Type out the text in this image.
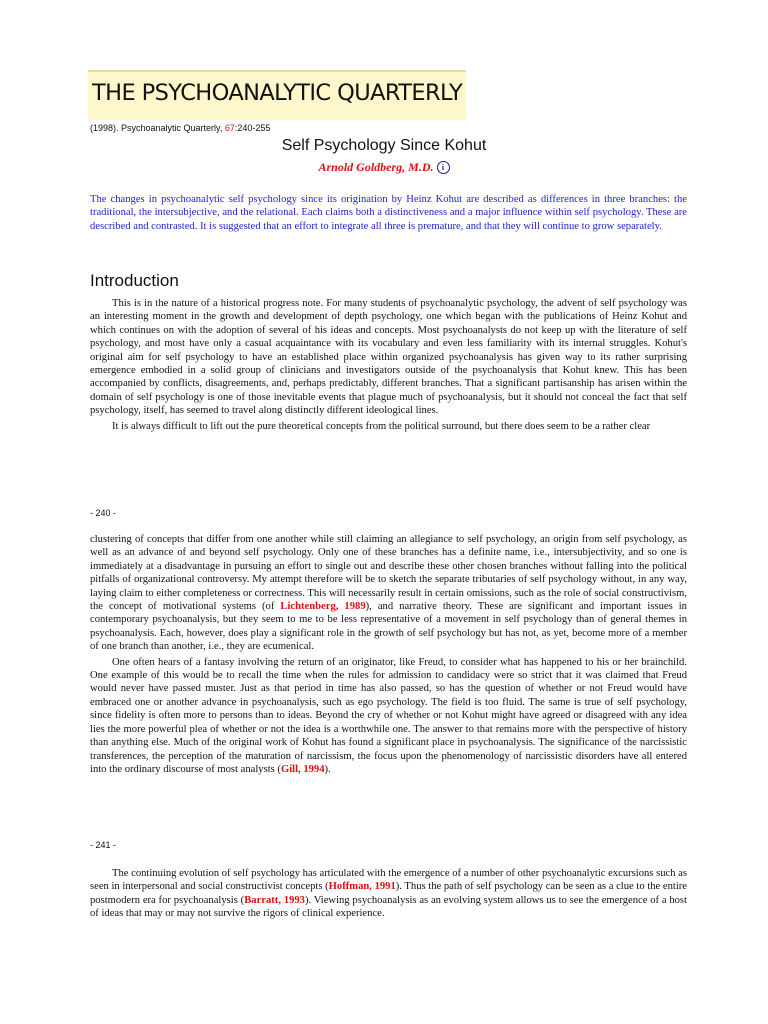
THE PSYCHOANALYTIC QUARTERLY
(1998). Psychoanalytic Quarterly, 67:240-255
Self Psychology Since Kohut
Arnold Goldberg, M.D. i
The changes in psychoanalytic self psychology since its origination by Heinz Kohut are described as differences in three branches: the traditional, the intersubjective, and the relational. Each claims both a distinctiveness and a major influence within self psychology. These are described and contrasted. It is suggested that an effort to integrate all three is premature, and that they will continue to grow separately.
Introduction

This is in the nature of a historical progress note. For many students of psychoanalytic psychology, the advent of self psychology was an interesting moment in the growth and development of depth psychology, one which began with the publications of Heinz Kohut and which continues on with the adoption of several of his ideas and concepts. Most psychoanalysts do not keep up with the literature of self psychology, and most have only a casual acquaintance with its vocabulary and even less familiarity with its internal struggles. Kohut's original aim for self psychology to have an established place within organized psychoanalysis has given way to its rather surprising emergence embodied in a solid group of clinicians and investigators outside of the psychoanalysis that Kohut knew. This has been accompanied by conflicts, disagreements, and, perhaps predictably, different branches. That a significant partisanship has arisen within the domain of self psychology is one of those inevitable events that plague much of psychoanalysis, but it should not conceal the fact that self psychology, itself, has seemed to travel along distinctly different ideological lines.

It is always difficult to lift out the pure theoretical concepts from the political surround, but there does seem to be a rather clear

- 240 -

clustering of concepts that differ from one another while still claiming an allegiance to self psychology, an origin from self psychology, as well as an advance of and beyond self psychology. Only one of these branches has a definite name, i.e., intersubjectivity, and so one is immediately at a disadvantage in pursuing an effort to single out and describe these other chosen branches without falling into the political pitfalls of organizational controversy. My attempt therefore will be to sketch the separate tributaries of self psychology without, in any way, laying claim to either completeness or correctness. This will necessarily result in certain omissions, such as the role of social constructivism, the concept of motivational systems (of Lichtenberg, 1989), and narrative theory. These are significant and important issues in contemporary psychoanalysis, but they seem to me to be less representative of a movement in self psychology than of general themes in psychoanalysis. Each, however, does play a significant role in the growth of self psychology but has not, as yet, become more of a member of one branch than another, i.e., they are ecumenical.

One often hears of a fantasy involving the return of an originator, like Freud, to consider what has happened to his or her brainchild. One example of this would be to recall the time when the rules for admission to candidacy were so strict that it was claimed that Freud would never have passed muster. Just as that period in time has also passed, so has the question of whether or not Freud would have embraced one or another advance in psychoanalysis, such as ego psychology. The field is too fluid. The same is true of self psychology, since fidelity is often more to persons than to ideas. Beyond the cry of whether or not Kohut might have agreed or disagreed with any idea lies the more powerful plea of whether or not the idea is a worthwhile one. The answer to that remains more with the perspective of history than anything else. Much of the original work of Kohut has found a significant place in psychoanalysis. The significance of the narcissistic transferences, the perception of the maturation of narcissism, the focus upon the phenomenology of narcissistic disorders have all entered into the ordinary discourse of most analysts (Gill, 1994).

- 241 -

The continuing evolution of self psychology has articulated with the emergence of a number of other psychoanalytic excursions such as seen in interpersonal and social constructivist concepts (Hoffman, 1991). Thus the path of self psychology can be seen as a clue to the entire postmodern era for psychoanalysis (Barratt, 1993). Viewing psychoanalysis as an evolving system allows us to see the emergence of a host of ideas that may or may not survive the rigors of clinical experience.
